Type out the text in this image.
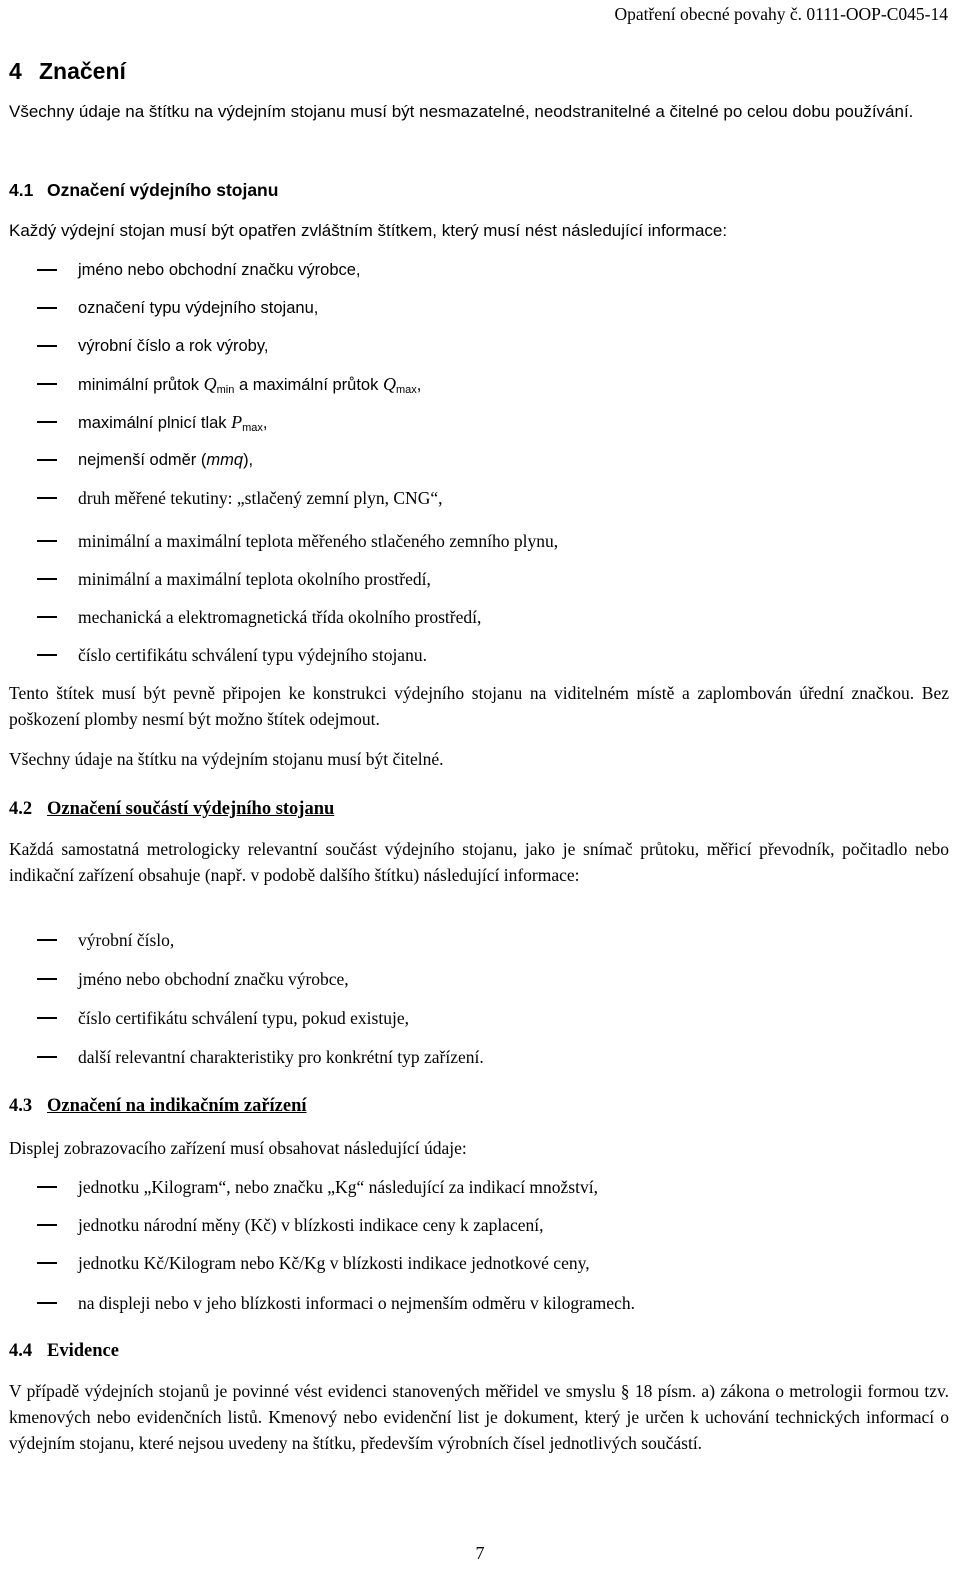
Opatření obecné povahy č. 0111-OOP-C045-14
4 Značení
Všechny údaje na štítku na výdejním stojanu musí být nesmazatelné, neodstranitelné a čitelné po celou dobu používání.
4.1 Označení výdejního stojanu
Každý výdejní stojan musí být opatřen zvláštním štítkem, který musí nést následující informace:
jméno nebo obchodní značku výrobce,
označení typu výdejního stojanu,
výrobní číslo a rok výroby,
minimální průtok $Q_{min}$ a maximální průtok $Q_{max}$,
maximální plnicí tlak $P_{max}$,
nejmenší odměr (mmq),
druh měřené tekutiny: „stlačený zemní plyn, CNG“,
minimální a maximální teplota měřeného stlačeného zemního plynu,
minimální a maximální teplota okolního prostředí,
mechanická a elektromagnetická třída okolního prostředí,
číslo certifikátu schválení typu výdejního stojanu.
Tento štítek musí být pevně připojen ke konstrukci výdejního stojanu na viditelném místě a zaplombován úřední značkou. Bez poškození plomby nesmí být možno štítek odejmout.
Všechny údaje na štítku na výdejním stojanu musí být čitelné.
4.2 Označení součástí výdejního stojanu
Každá samostatná metrologicky relevantní součást výdejního stojanu, jako je snímač průtoku, měřicí převodník, počitadlo nebo indikační zařízení obsahuje (např. v podobě dalšího štítku) následující informace:
výrobní číslo,
jméno nebo obchodní značku výrobce,
číslo certifikátu schválení typu, pokud existuje,
další relevantní charakteristiky pro konkrétní typ zařízení.
4.3 Označení na indikačním zařízení
Displej zobrazovacího zařízení musí obsahovat následující údaje:
jednotku „Kilogram“, nebo značku „Kg“ následující za indikací množství,
jednotku národní měny (Kč) v blízkosti indikace ceny k zaplacení,
jednotku Kč/Kilogram nebo Kč/Kg v blízkosti indikace jednotkové ceny,
na displeji nebo v jeho blízkosti informaci o nejmenším odměru v kilogramech.
4.4 Evidence
V případě výdejních stojanů je povinné vést evidenci stanovených měřidel ve smyslu § 18 písm. a) zákona o metrologii formou tzv. kmenových nebo evidenčních listů. Kmenový nebo evidenční list je dokument, který je určen k uchování technických informací o výdejním stojanu, které nejsou uvedeny na štítku, především výrobních čísel jednotlivých součástí.
7
